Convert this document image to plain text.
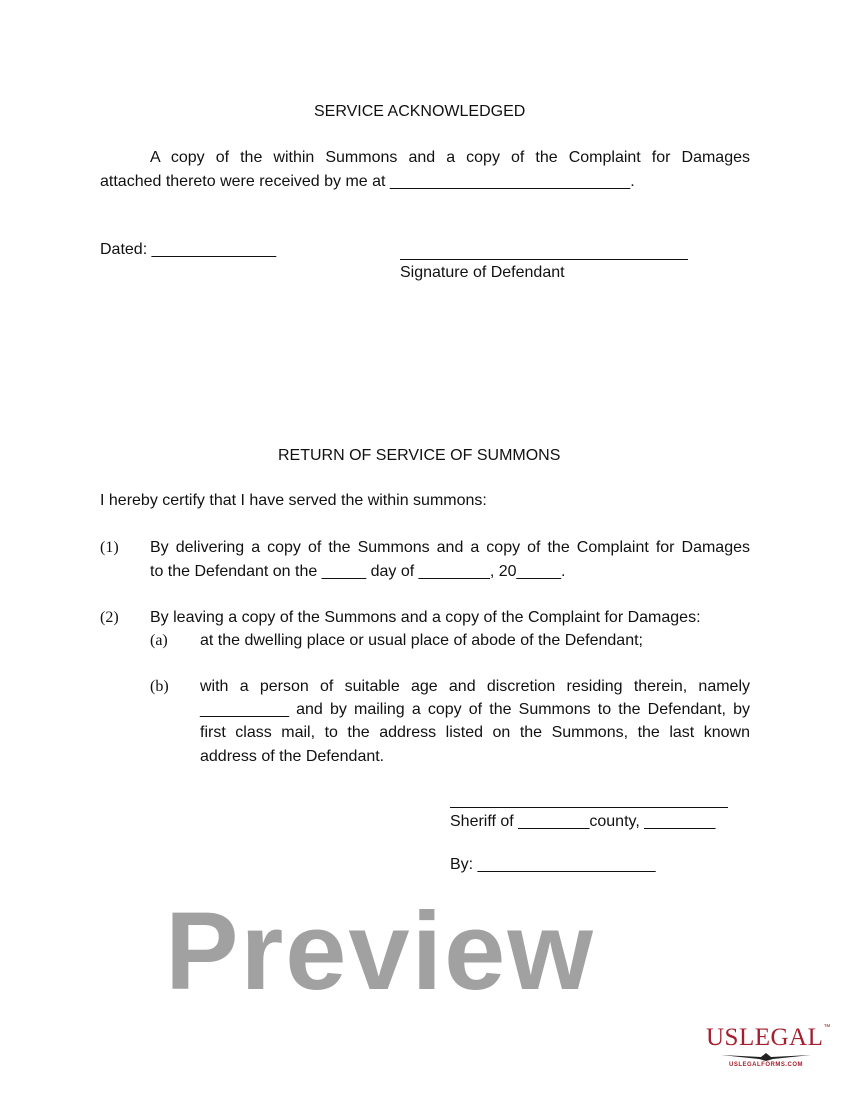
SERVICE ACKNOWLEDGED
A copy of the within Summons and a copy of the Complaint for Damages
attached thereto were received by me at ___________________________.
Dated: ______________
Signature of Defendant
RETURN OF SERVICE OF SUMMONS
I hereby certify that I have served the within summons:
(1) By delivering a copy of the Summons and a copy of the Complaint for Damages
to the Defendant on the _____ day of ________, 20_____.
(2) By leaving a copy of the Summons and a copy of the Complaint for Damages:
(a) at the dwelling place or usual place of abode of the Defendant;
(b) with a person of suitable age and discretion residing therein, namely
__________ and by mailing a copy of the Summons to the Defendant, by
first class mail, to the address listed on the Summons, the last known
address of the Defendant.
Sheriff of ________county, ________
By: ____________________
Preview
USLEGAL™
USLEGALFORMS.COM
